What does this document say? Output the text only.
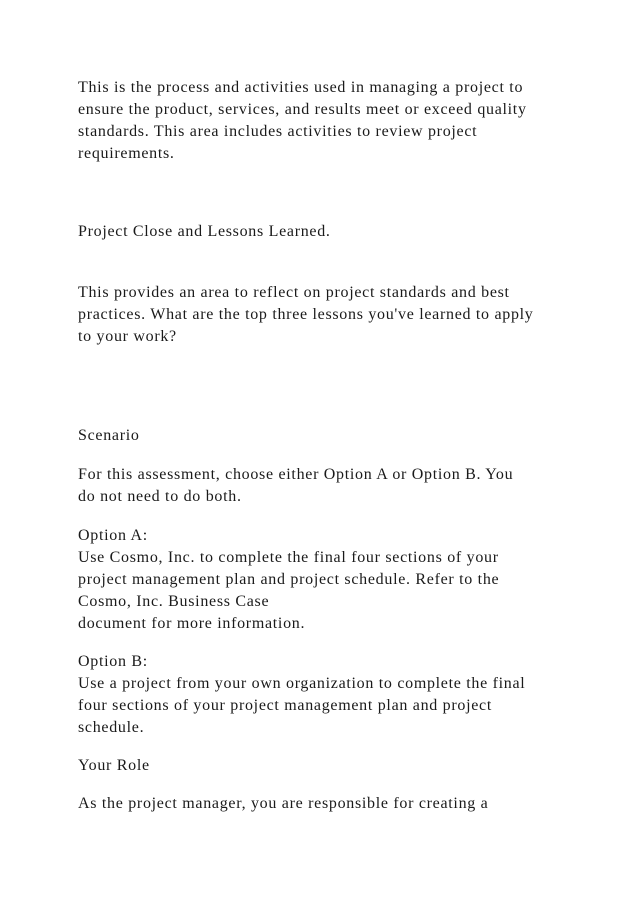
This is the process and activities used in managing a project to

ensure the product, services, and results meet or exceed quality

standards. This area includes activities to review project

requirements.

Project Close and Lessons Learned.

This provides an area to reflect on project standards and best

practices. What are the top three lessons you've learned to apply

to your work?

Scenario

For this assessment, choose either Option A or Option B. You

do not need to do both.

Option A:

Use Cosmo, Inc. to complete the final four sections of your

project management plan and project schedule. Refer to the

Cosmo, Inc. Business Case

document for more information.

Option B:

Use a project from your own organization to complete the final

four sections of your project management plan and project

schedule.

Your Role

As the project manager, you are responsible for creating a
